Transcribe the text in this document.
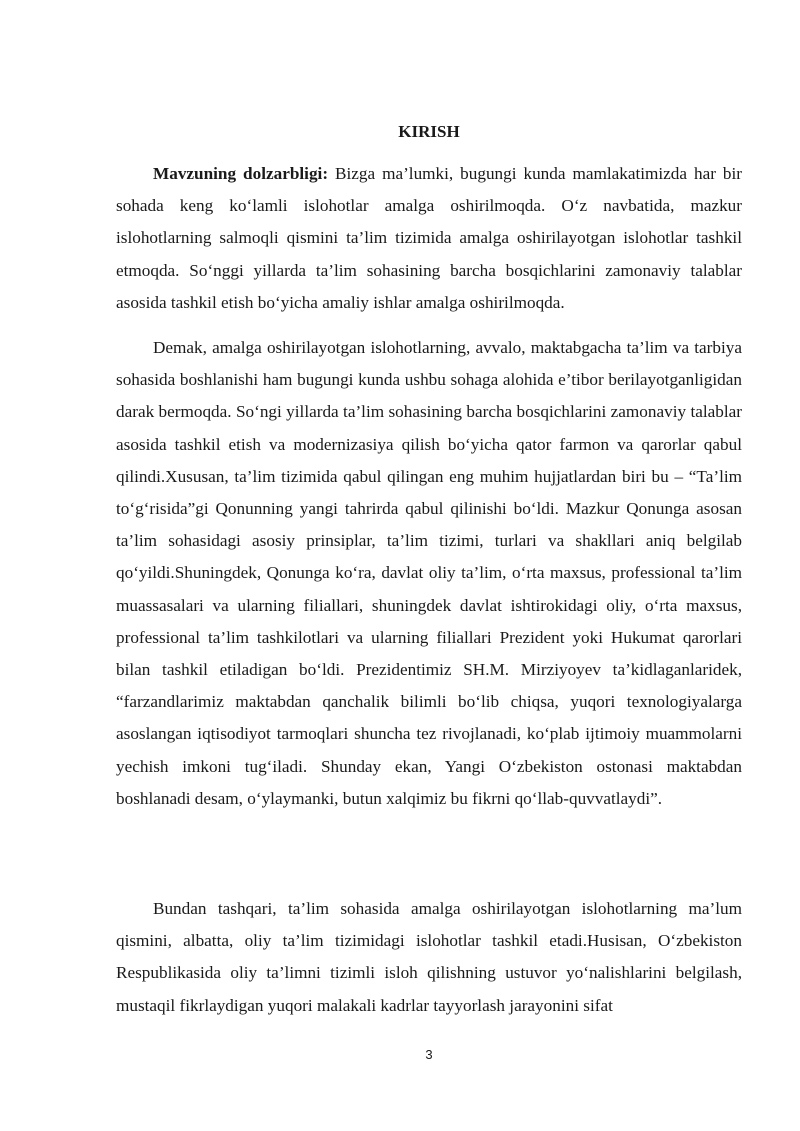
KIRISH

Mavzuning dolzarbligi: Bizga ma’lumki, bugungi kunda mamlakatimizda har bir sohada keng ko‘lamli islohotlar amalga oshirilmoqda. O‘z navbatida, mazkur islohotlarning salmoqli qismini ta’lim tizimida amalga oshirilayotgan islohotlar tashkil etmoqda. So‘nggi yillarda ta’lim sohasining barcha bosqichlarini zamonaviy talablar asosida tashkil etish bo‘yicha amaliy ishlar amalga oshirilmoqda.

Demak, amalga oshirilayotgan islohotlarning, avvalo, maktabgacha ta’lim va tarbiya sohasida boshlanishi ham bugungi kunda ushbu sohaga alohida e’tibor berilayotganligidan darak bermoqda. So‘ngi yillarda ta’lim sohasining barcha bosqichlarini zamonaviy talablar asosida tashkil etish va modernizasiya qilish bo‘yicha qator farmon va qarorlar qabul qilindi.Xususan, ta’lim tizimida qabul qilingan eng muhim hujjatlardan biri bu – “Ta’lim to‘g‘risida”gi Qonunning yangi tahrirda qabul qilinishi bo‘ldi. Mazkur Qonunga asosan ta’lim sohasidagi asosiy prinsiplar, ta’lim tizimi, turlari va shakllari aniq belgilab qo‘yildi.Shuningdek, Qonunga ko‘ra, davlat oliy ta’lim, o‘rta maxsus, professional ta’lim muassasalari va ularning filiallari, shuningdek davlat ishtirokidagi oliy, o‘rta maxsus, professional ta’lim tashkilotlari va ularning filiallari Prezident yoki Hukumat qarorlari bilan tashkil etiladigan bo‘ldi. Prezidentimiz SH.M. Mirziyoyev ta’kidlaganlaridek, “farzandlarimiz maktabdan qanchalik bilimli bo‘lib chiqsa, yuqori texnologiyalarga asoslangan iqtisodiyot tarmoqlari shuncha tez rivojlanadi, ko‘plab ijtimoiy muammolarni yechish imkoni tug‘iladi. Shunday ekan, Yangi O‘zbekiston ostonasi maktabdan boshlanadi desam, o‘ylaymanki, butun xalqimiz bu fikrni qo‘llab-quvvatlaydi”.

Bundan tashqari, ta’lim sohasida amalga oshirilayotgan islohotlarning ma’lum qismini, albatta, oliy ta’lim tizimidagi islohotlar tashkil etadi.Husisan, O‘zbekiston Respublikasida oliy ta’limni tizimli isloh qilishning ustuvor yo‘nalishlarini belgilash, mustaqil fikrlaydigan yuqori malakali kadrlar tayyorlash jarayonini sifat

3
